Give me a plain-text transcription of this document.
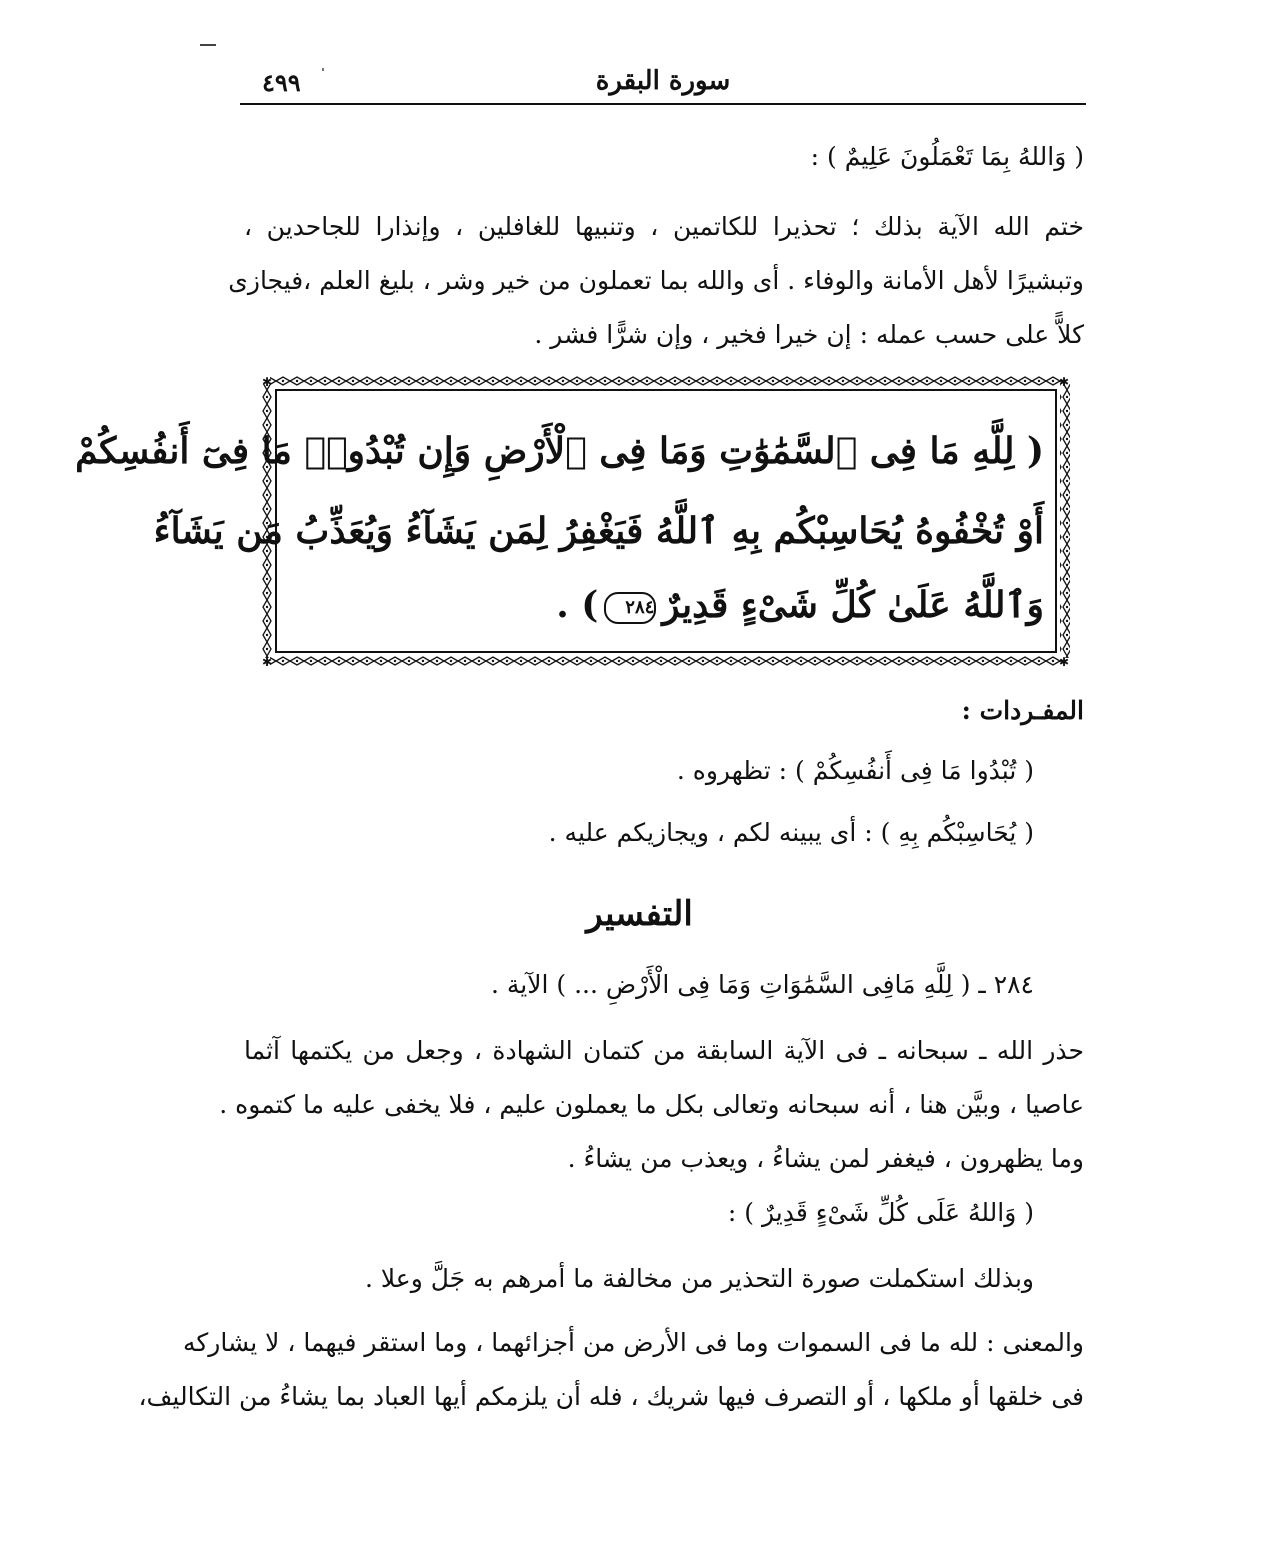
٤٩٩	سورة البقرة
( وَاللهُ بِمَا تَعْمَلُونَ عَلِيمٌ ) :
ختم الله الآية بذلك ؛ تحذيرا للكاتمين ، وتنبيها للغافلين ، وإنذارا للجاحدين ،
وتبشيرًا لأهل الأمانة والوفاء . أى والله بما تعملون من خير وشر ، بليغ العلم ،فيجازى
كلاًّ على حسب عمله : إن خيرا فخير ، وإن شرًّا فشر .
✱	✱
✱	✱
( لِلَّهِ مَا فِى ٱلسَّمَٰوَٰتِ وَمَا فِى ٱلْأَرْضِ وَإِن تُبْدُوا۟ مَا فِىٓ أَنفُسِكُمْ
أَوْ تُخْفُوهُ يُحَاسِبْكُم بِهِ ٱللَّهُ فَيَغْفِرُ لِمَن يَشَآءُ وَيُعَذِّبُ مَن يَشَآءُ
وَٱللَّهُ عَلَىٰ كُلِّ شَىْءٍ قَدِيرٌ٢٨٤) .
المفـردات :
( تُبْدُوا مَا فِى أَنفُسِكُمْ ) : تظهروه .
( يُحَاسِبْكُم بِهِ ) : أى يبينه لكم ، ويجازيكم عليه .
التفسير
٢٨٤ ـ ( لِلَّهِ مَافِى السَّمَٰوَاتِ وَمَا فِى الْأَرْضِ ... ) الآية .
حذر الله ـ سبحانه ـ فى الآية السابقة من كتمان الشهادة ، وجعل من يكتمها آثما
عاصيا ، وبيَّن هنا ، أنه سبحانه وتعالى بكل ما يعملون عليم ، فلا يخفى عليه ما كتموه .
وما يظهرون ، فيغفر لمن يشاءُ ، ويعذب من يشاءُ .
( وَاللهُ عَلَى كُلِّ شَىْءٍ قَدِيرٌ ) :
وبذلك استكملت صورة التحذير من مخالفة ما أمرهم به جَلَّ وعلا .
والمعنى : لله ما فى السموات وما فى الأرض من أجزائهما ، وما استقر فيهما ، لا يشاركه
فى خلقها أو ملكها ، أو التصرف فيها شريك ، فله أن يلزمكم أيها العباد بما يشاءُ من التكاليف،
